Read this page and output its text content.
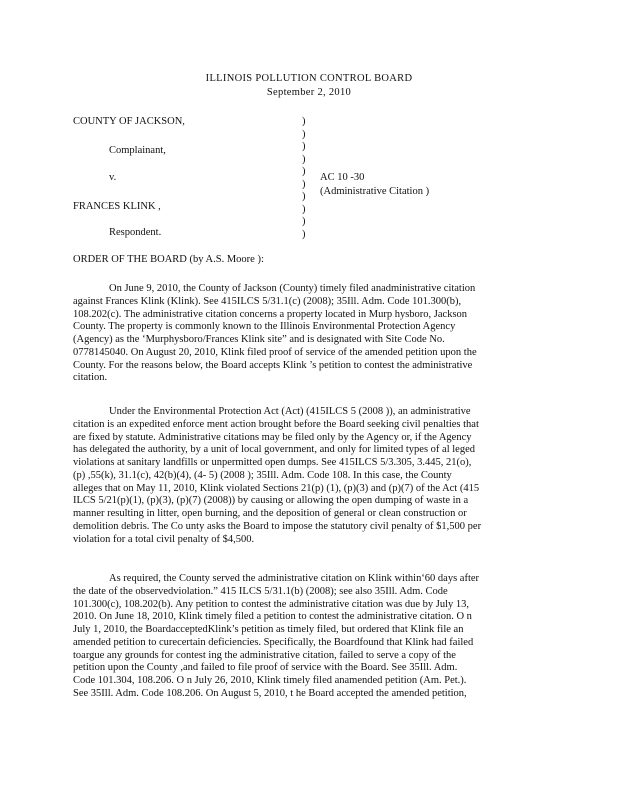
ILLINOIS POLLUTION CONTROL BOARD
September 2, 2010
COUNTY OF JACKSON,
Complainant,
v.	AC 10 -30
(Administrative Citation )
FRANCES KLINK ,
Respondent.
)
)
)
)
)
)
)
)
)
)
ORDER OF THE BOARD (by A.S. Moore ):
On June 9, 2010, the County of Jackson (County) timely filed anadministrative citation
against Frances Klink (Klink). See 415ILCS 5/31.1(c) (2008); 35Ill. Adm. Code 101.300(b),
108.202(c). The administrative citation concerns a property located in Murp hysboro, Jackson
County. The property is commonly known to the Illinois Environmental Protection Agency
(Agency) as the ‘Murphysboro/Frances Klink site” and is designated with Site Code No.
0778145040. On August 20, 2010, Klink filed proof of service of the amended petition upon the
County. For the reasons below, the Board accepts Klink ’s petition to contest the administrative
citation.
Under the Environmental Protection Act (Act) (415ILCS 5 (2008 )), an administrative
citation is an expedited enforce ment action brought before the Board seeking civil penalties that
are fixed by statute. Administrative citations may be filed only by the Agency or, if the Agency
has delegated the authority, by a unit of local government, and only for limited types of al leged
violations at sanitary landfills or unpermitted open dumps. See 415ILCS 5/3.305, 3.445, 21(o),
(p) ,55(k), 31.1(c), 42(b)(4), (4- 5) (2008 ); 35Ill. Adm. Code 108. In this case, the County
alleges that on May 11, 2010, Klink violated Sections 21(p) (1), (p)(3) and (p)(7) of the Act (415
ILCS 5/21(p)(1), (p)(3), (p)(7) (2008)) by causing or allowing the open dumping of waste in a
manner resulting in litter, open burning, and the deposition of general or clean construction or
demolition debris. The Co unty asks the Board to impose the statutory civil penalty of $1,500 per
violation for a total civil penalty of $4,500.
As required, the County served the administrative citation on Klink within‘60 days after
the date of the observedviolation.” 415 ILCS 5/31.1(b) (2008); see also 35Ill. Adm. Code
101.300(c), 108.202(b). Any petition to contest the administrative citation was due by July 13,
2010. On June 18, 2010, Klink timely filed a petition to contest the administrative citation. O n
July 1, 2010, the BoardacceptedKlink’s petition as timely filed, but ordered that Klink file an
amended petition to curecertain deficiencies. Specifically, the Boardfound that Klink had failed
toargue any grounds for contest ing the administrative citation, failed to serve a copy of the
petition upon the County ,and failed to file proof of service with the Board. See 35Ill. Adm.
Code 101.304, 108.206. O n July 26, 2010, Klink timely filed anamended petition (Am. Pet.).
See 35Ill. Adm. Code 108.206. On August 5, 2010, t he Board accepted the amended petition,
